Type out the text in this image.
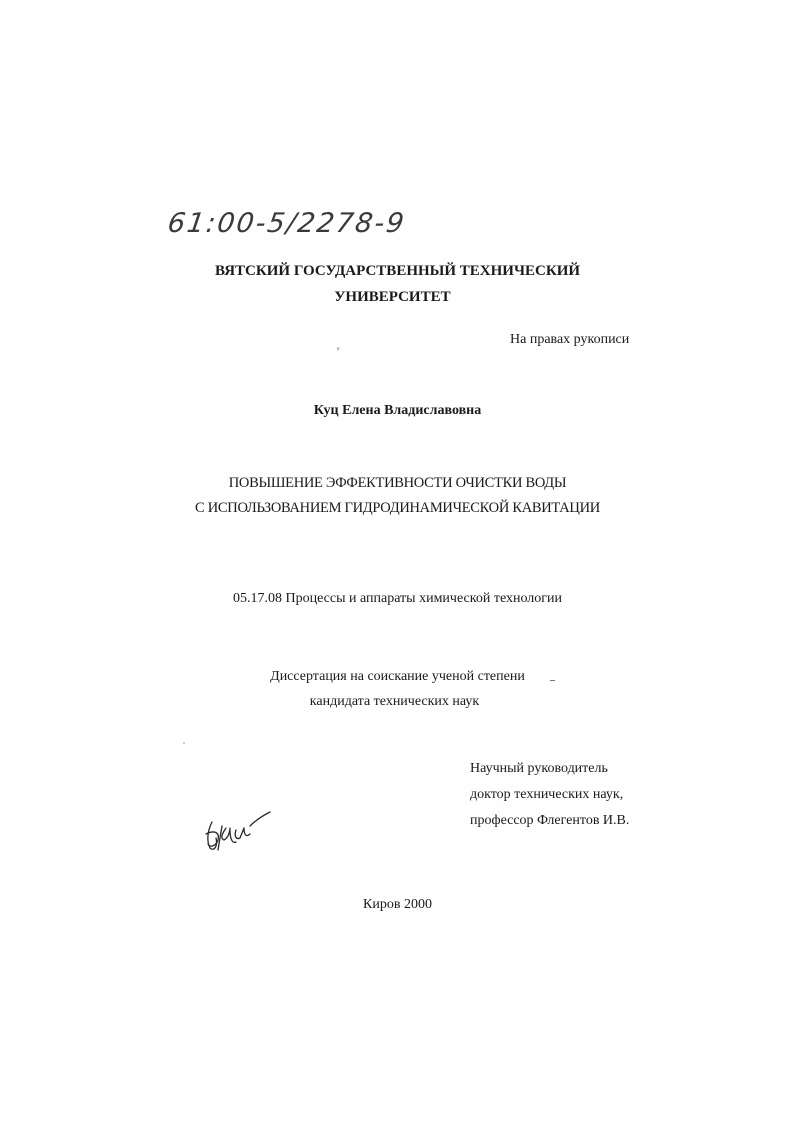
61:00-5/2278-9
ВЯТСКИЙ ГОСУДАРСТВЕННЫЙ ТЕХНИЧЕСКИЙ
УНИВЕРСИТЕТ
На правах рукописи
ᵉ
Куц Елена Владиславовна
ПОВЫШЕНИЕ ЭФФЕКТИВНОСТИ ОЧИСТКИ ВОДЫ
С ИСПОЛЬЗОВАНИЕМ ГИДРОДИНАМИЧЕСКОЙ КАВИТАЦИИ
05.17.08 Процессы и аппараты химической технологии
Диссертация на соискание ученой степени
кандидата технических наук
Научный руководитель
доктор технических наук,
профессор Флегентов И.В.
Киров 2000
